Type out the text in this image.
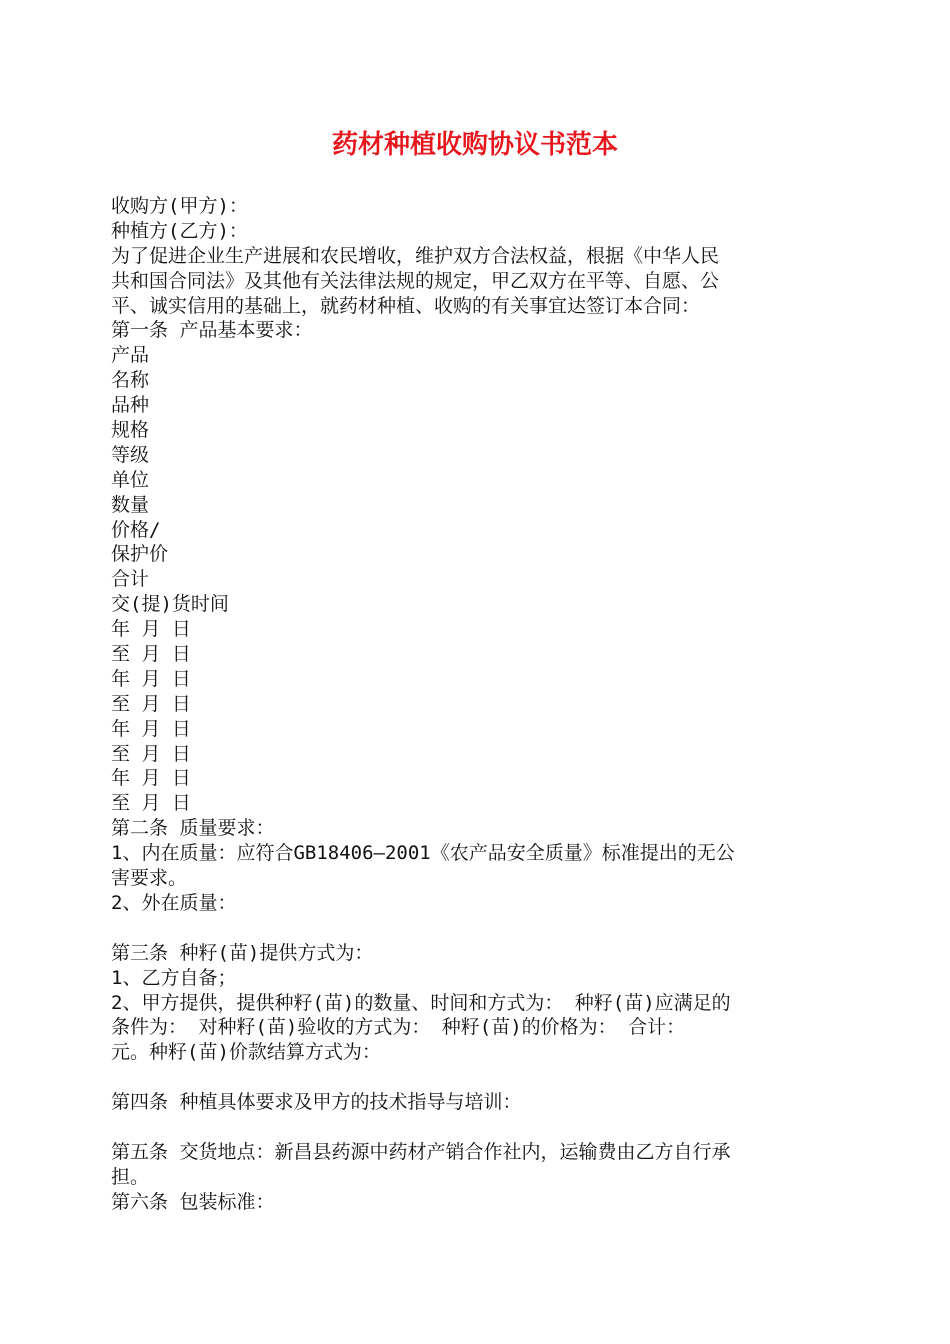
药材种植收购协议书范本
收购方(甲方)：
种植方(乙方)：
为了促进企业生产进展和农民增收，维护双方合法权益，根据《中华人民
共和国合同法》及其他有关法律法规的规定，甲乙双方在平等、自愿、公
平、诚实信用的基础上，就药材种植、收购的有关事宜达签订本合同：
第一条 产品基本要求：
产品
名称
品种
规格
等级
单位
数量
价格/
保护价
合计
交(提)货时间
年 月 日
至 月 日
年 月 日
至 月 日
年 月 日
至 月 日
年 月 日
至 月 日
第二条 质量要求：
1、内在质量：应符合GB18406—2001《农产品安全质量》标准提出的无公
害要求。
2、外在质量：
第三条 种籽(苗)提供方式为：
1、乙方自备；
2、甲方提供，提供种籽(苗)的数量、时间和方式为： 种籽(苗)应满足的
条件为： 对种籽(苗)验收的方式为： 种籽(苗)的价格为： 合计：
元。种籽(苗)价款结算方式为：
第四条 种植具体要求及甲方的技术指导与培训：
第五条 交货地点：新昌县药源中药材产销合作社内，运输费由乙方自行承
担。
第六条 包装标准：
